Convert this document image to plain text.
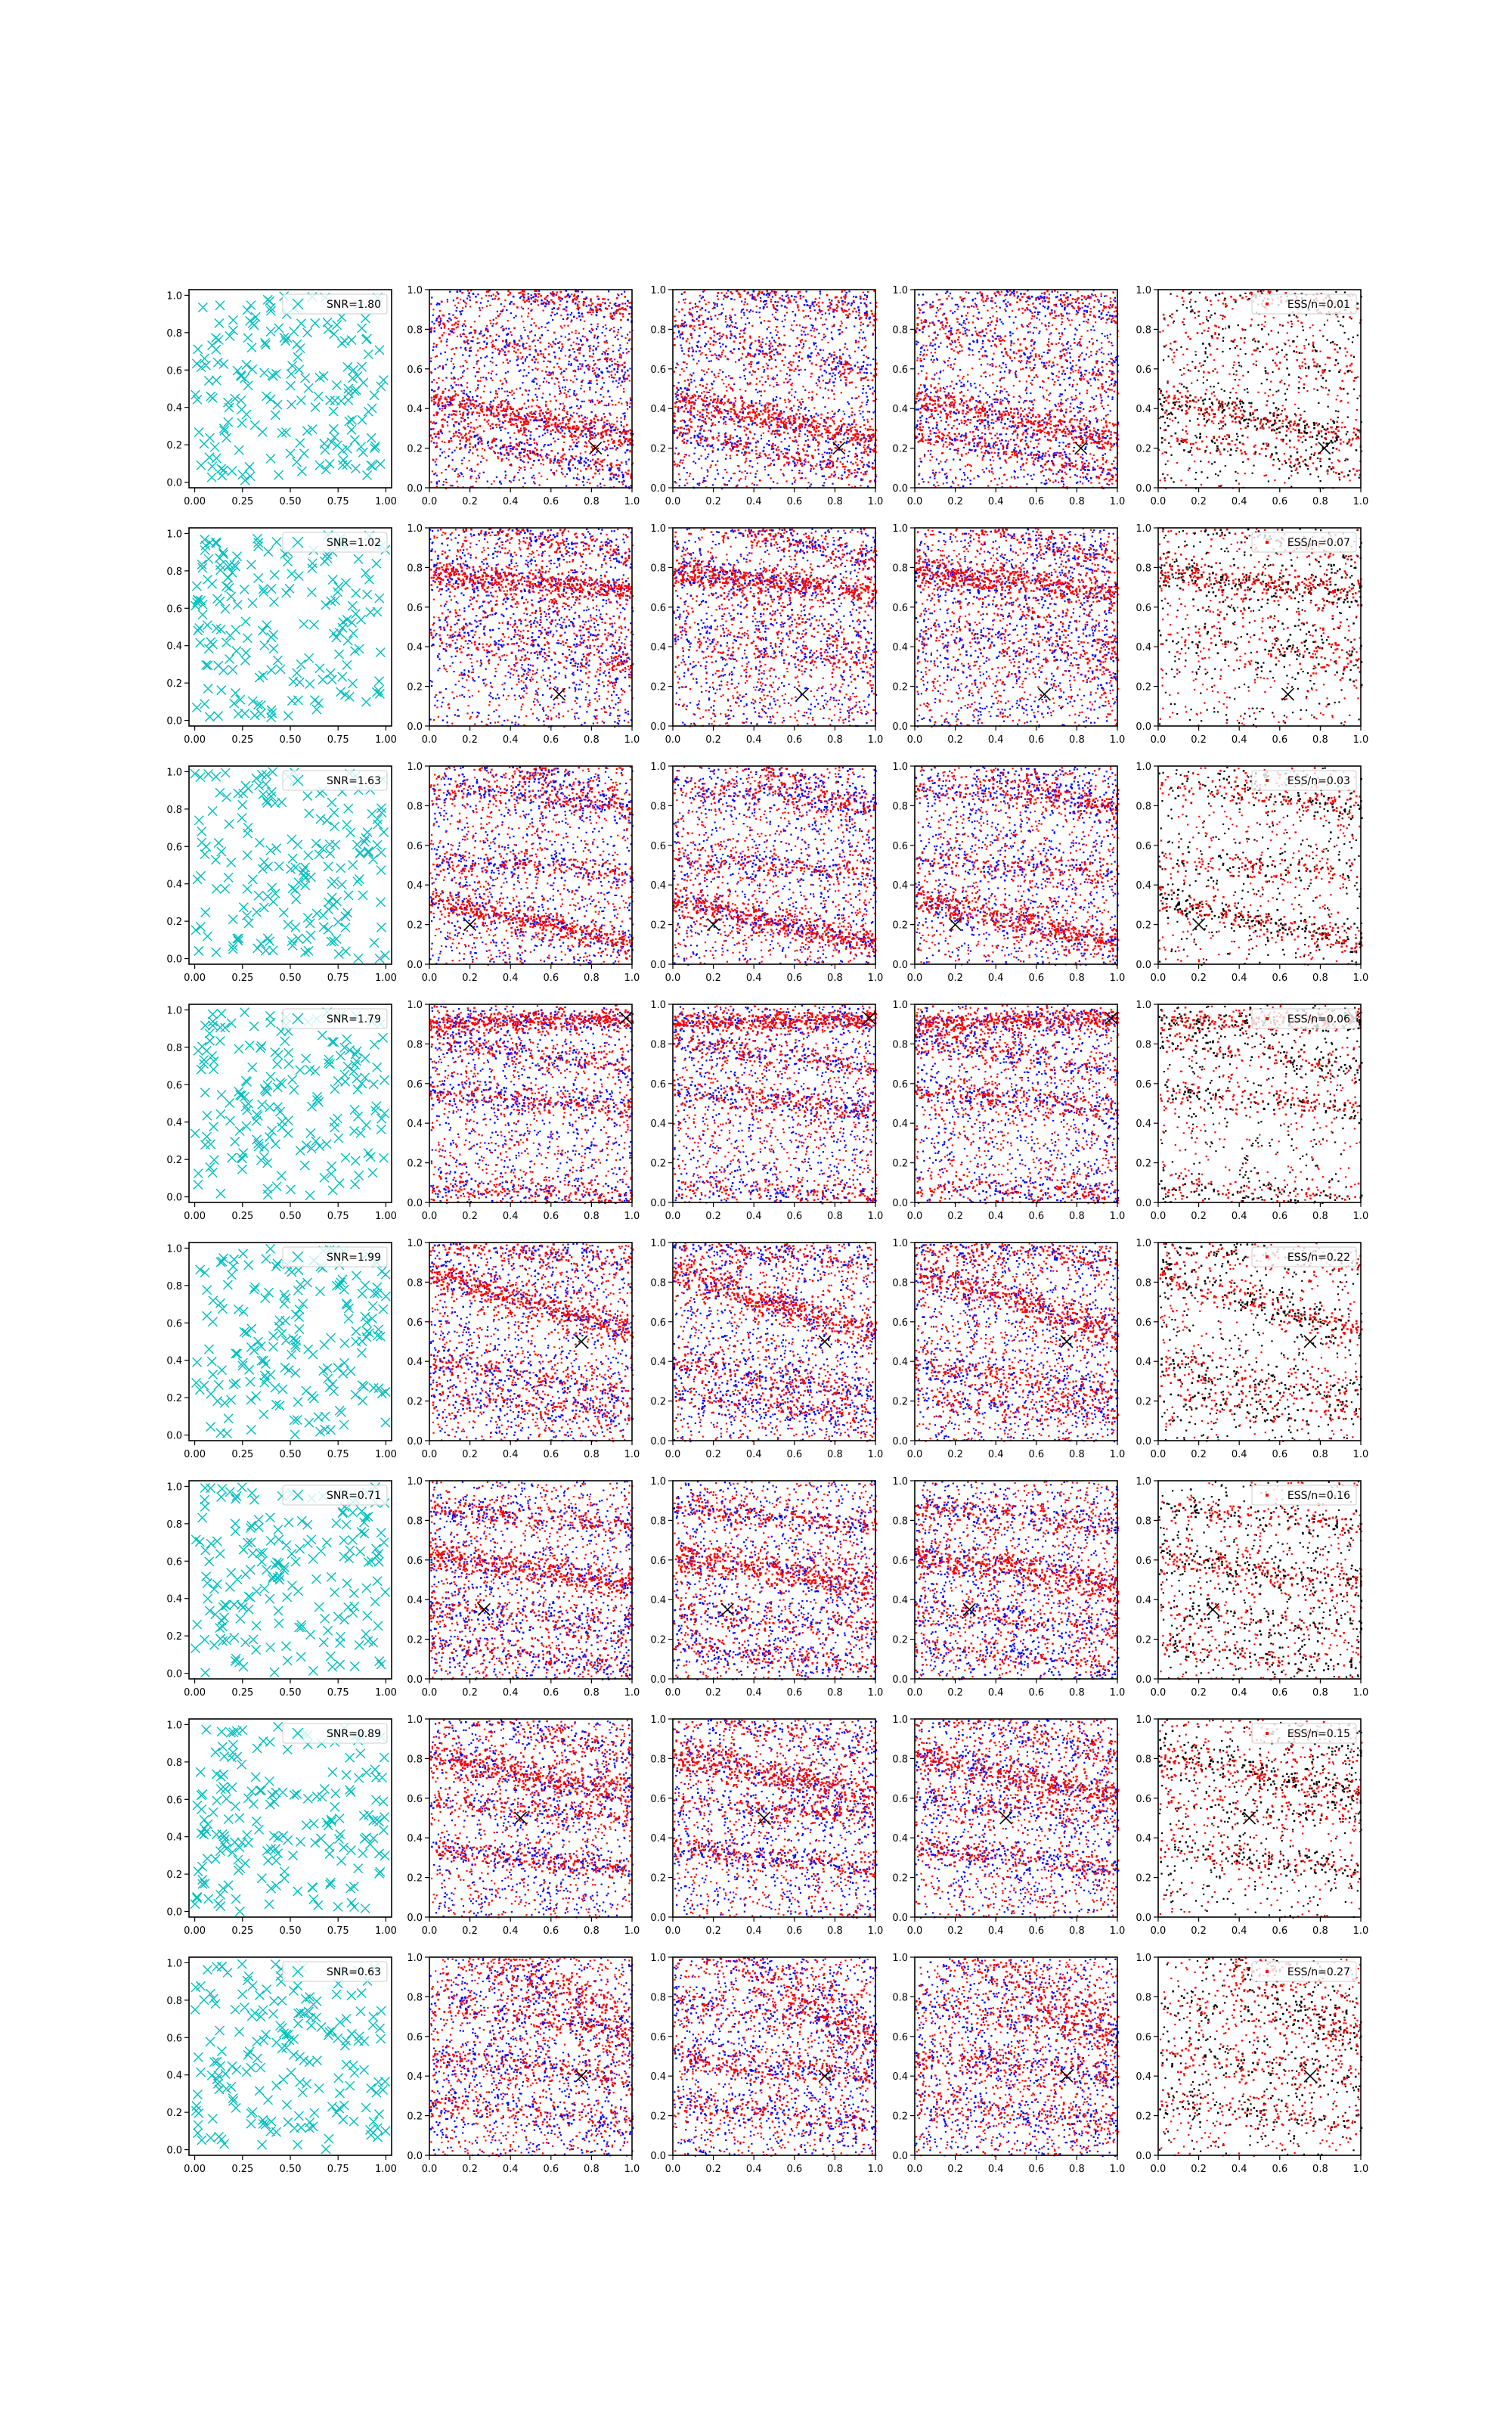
0.00	0.25	0.50	0.75	1.00
0.0
0.2
0.4
0.6
0.8
1.0
SNR=1.80
0.0	0.2	0.4	0.6	0.8	1.0
0.0
0.2
0.4
0.6
0.8
1.0
0.0	0.2	0.4	0.6	0.8	1.0
0.0
0.2
0.4
0.6
0.8
1.0
0.0	0.2	0.4	0.6	0.8	1.0
0.0
0.2
0.4
0.6
0.8
1.0
0.0	0.2	0.4	0.6	0.8	1.0
0.0
0.2
0.4
0.6
0.8
1.0
ESS/n=0.01
0.00	0.25	0.50	0.75	1.00
0.0
0.2
0.4
0.6
0.8
1.0
SNR=1.02
0.0	0.2	0.4	0.6	0.8	1.0
0.0
0.2
0.4
0.6
0.8
1.0
0.0	0.2	0.4	0.6	0.8	1.0
0.0
0.2
0.4
0.6
0.8
1.0
0.0	0.2	0.4	0.6	0.8	1.0
0.0
0.2
0.4
0.6
0.8
1.0
0.0	0.2	0.4	0.6	0.8	1.0
0.0
0.2
0.4
0.6
0.8
1.0
ESS/n=0.07
0.00	0.25	0.50	0.75	1.00
0.0
0.2
0.4
0.6
0.8
1.0
SNR=1.63
0.0	0.2	0.4	0.6	0.8	1.0
0.0
0.2
0.4
0.6
0.8
1.0
0.0	0.2	0.4	0.6	0.8	1.0
0.0
0.2
0.4
0.6
0.8
1.0
0.0	0.2	0.4	0.6	0.8	1.0
0.0
0.2
0.4
0.6
0.8
1.0
0.0	0.2	0.4	0.6	0.8	1.0
0.0
0.2
0.4
0.6
0.8
1.0
ESS/n=0.03
0.00	0.25	0.50	0.75	1.00
0.0
0.2
0.4
0.6
0.8
1.0
SNR=1.79
0.0	0.2	0.4	0.6	0.8	1.0
0.0
0.2
0.4
0.6
0.8
1.0
0.0	0.2	0.4	0.6	0.8	1.0
0.0
0.2
0.4
0.6
0.8
1.0
0.0	0.2	0.4	0.6	0.8	1.0
0.0
0.2
0.4
0.6
0.8
1.0
0.0	0.2	0.4	0.6	0.8	1.0
0.0
0.2
0.4
0.6
0.8
1.0
ESS/n=0.06
0.00	0.25	0.50	0.75	1.00
0.0
0.2
0.4
0.6
0.8
1.0
SNR=1.99
0.0	0.2	0.4	0.6	0.8	1.0
0.0
0.2
0.4
0.6
0.8
1.0
0.0	0.2	0.4	0.6	0.8	1.0
0.0
0.2
0.4
0.6
0.8
1.0
0.0	0.2	0.4	0.6	0.8	1.0
0.0
0.2
0.4
0.6
0.8
1.0
0.0	0.2	0.4	0.6	0.8	1.0
0.0
0.2
0.4
0.6
0.8
1.0
ESS/n=0.22
0.00	0.25	0.50	0.75	1.00
0.0
0.2
0.4
0.6
0.8
1.0
SNR=0.71
0.0	0.2	0.4	0.6	0.8	1.0
0.0
0.2
0.4
0.6
0.8
1.0
0.0	0.2	0.4	0.6	0.8	1.0
0.0
0.2
0.4
0.6
0.8
1.0
0.0	0.2	0.4	0.6	0.8	1.0
0.0
0.2
0.4
0.6
0.8
1.0
0.0	0.2	0.4	0.6	0.8	1.0
0.0
0.2
0.4
0.6
0.8
1.0
ESS/n=0.16
0.00	0.25	0.50	0.75	1.00
0.0
0.2
0.4
0.6
0.8
1.0
SNR=0.89
0.0	0.2	0.4	0.6	0.8	1.0
0.0
0.2
0.4
0.6
0.8
1.0
0.0	0.2	0.4	0.6	0.8	1.0
0.0
0.2
0.4
0.6
0.8
1.0
0.0	0.2	0.4	0.6	0.8	1.0
0.0
0.2
0.4
0.6
0.8
1.0
0.0	0.2	0.4	0.6	0.8	1.0
0.0
0.2
0.4
0.6
0.8
1.0
ESS/n=0.15
0.00	0.25	0.50	0.75	1.00
0.0
0.2
0.4
0.6
0.8
1.0
SNR=0.63
0.0	0.2	0.4	0.6	0.8	1.0
0.0
0.2
0.4
0.6
0.8
1.0
0.0	0.2	0.4	0.6	0.8	1.0
0.0
0.2
0.4
0.6
0.8
1.0
0.0	0.2	0.4	0.6	0.8	1.0
0.0
0.2
0.4
0.6
0.8
1.0
0.0	0.2	0.4	0.6	0.8	1.0
0.0
0.2
0.4
0.6
0.8
1.0
ESS/n=0.27
